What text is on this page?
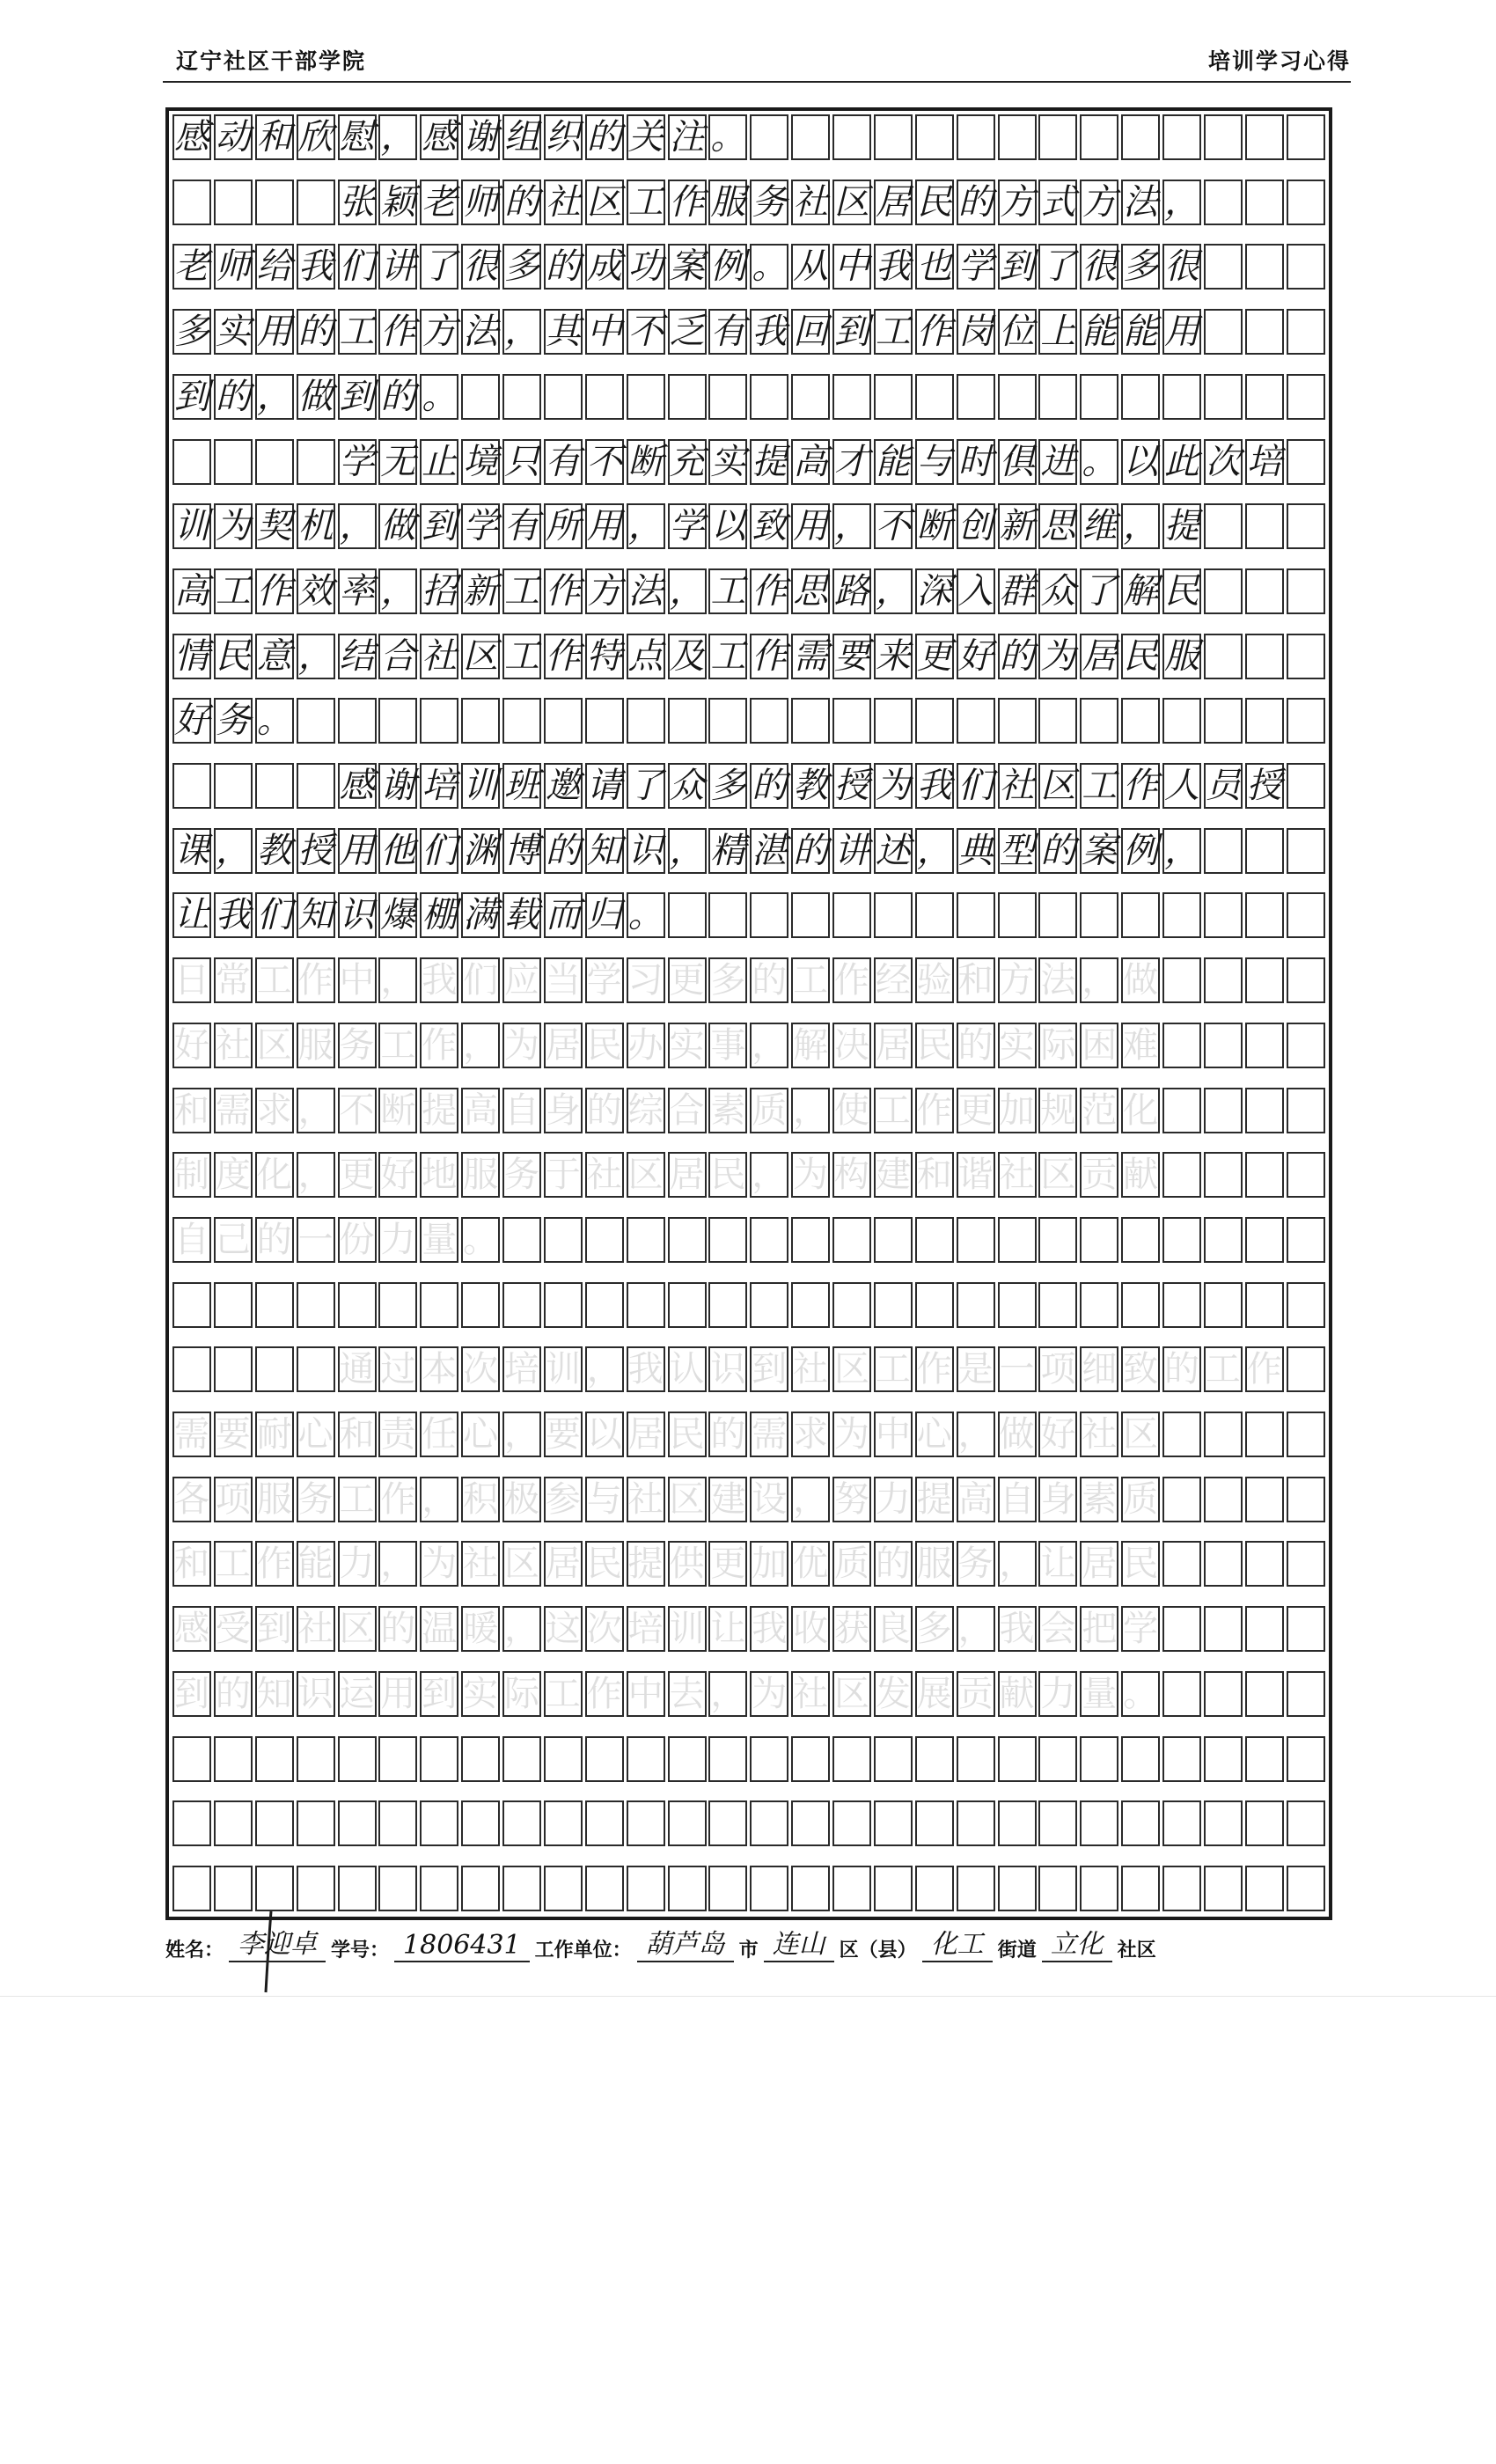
辽宁社区干部学院	培训学习心得
感 动 和 欣 慰 ， 感 谢 组 织 的 关 注 。
张 颖 老 师 的 社 区 工 作 服 务 社 区 居 民 的 方 式 方 法 ，
老 师 给 我 们 讲 了 很 多 的 成 功 案 例 。 从 中 我 也 学 到 了 很 多 很
多 实 用 的 工 作 方 法 ， 其 中 不 乏 有 我 回 到 工 作 岗 位 上 能 能 用
到 的 ， 做 到 的 。
学 无 止 境 只 有 不 断 充 实 提 高 才 能 与 时 俱 进 。 以 此 次 培
训 为 契 机 ， 做 到 学 有 所 用 ， 学 以 致 用 ， 不 断 创 新 思 维 ， 提
高 工 作 效 率 ， 招 新 工 作 方 法 ， 工 作 思 路 ， 深 入 群 众 了 解 民
情 民 意 ， 结 合 社 区 工 作 特 点 及 工 作 需 要 来 更 好 的 为 居 民 服
好 务 。
感 谢 培 训 班 邀 请 了 众 多 的 教 授 为 我 们 社 区 工 作 人 员 授
课 ， 教 授 用 他 们 渊 博 的 知 识 ， 精 湛 的 讲 述 ， 典 型 的 案 例 ，
让 我 们 知 识 爆 棚 满 载 而 归 。
日 常 工 作 中 ， 我 们 应 当 学 习 更 多 的 工 作 经 验 和 方 法 ， 做
好 社 区 服 务 工 作 ， 为 居 民 办 实 事 ， 解 决 居 民 的 实 际 困 难
和 需 求 ， 不 断 提 高 自 身 的 综 合 素 质 ， 使 工 作 更 加 规 范 化
制 度 化 ， 更 好 地 服 务 于 社 区 居 民 ， 为 构 建 和 谐 社 区 贡 献
自 己 的 一 份 力 量 。
通 过 本 次 培 训 ， 我 认 识 到 社 区 工 作 是 一 项 细 致 的 工 作
需 要 耐 心 和 责 任 心 ， 要 以 居 民 的 需 求 为 中 心 ， 做 好 社 区
各 项 服 务 工 作 ， 积 极 参 与 社 区 建 设 ， 努 力 提 高 自 身 素 质
和 工 作 能 力 ， 为 社 区 居 民 提 供 更 加 优 质 的 服 务 ， 让 居 民
感 受 到 社 区 的 温 暖 ， 这 次 培 训 让 我 收 获 良 多 ， 我 会 把 学
到 的 知 识 运 用 到 实 际 工 作 中 去 ， 为 社 区 发 展 贡 献 力 量 。
姓名： 李迎卓 学号： 1806431 工作单位： 葫芦岛 市 连山 区（县） 化工 街道 立化 社区
